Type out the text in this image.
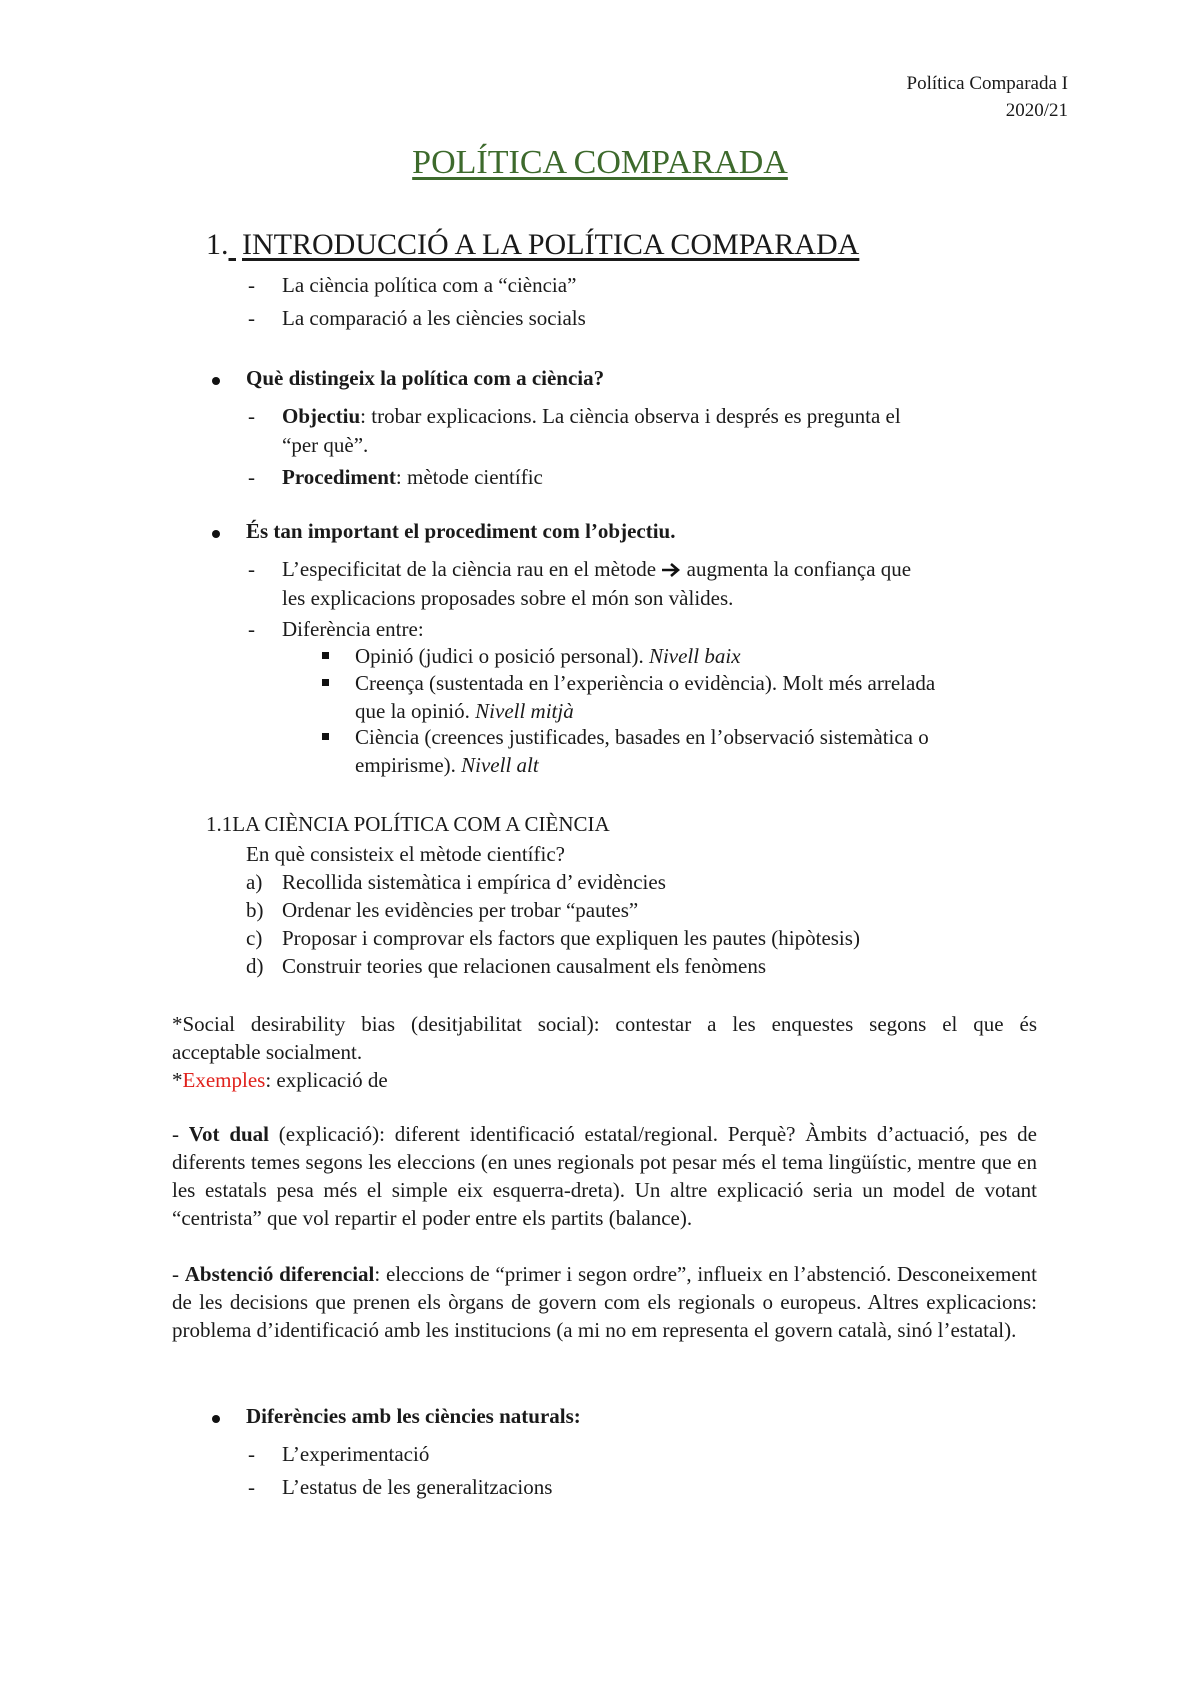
Política Comparada I
2020/21
POLÍTICA COMPARADA
1. INTRODUCCIÓ A LA POLÍTICA COMPARADA
- La ciència política com a “ciència”
- La comparació a les ciències socials
Què distingeix la política com a ciència?
- Objectiu: trobar explicacions. La ciència observa i després es pregunta el
“per què”.
- Procediment: mètode científic
És tan important el procediment com l’objectiu.
- L’especificitat de la ciència rau en el mètode  augmenta la confiança que
les explicacions proposades sobre el món son vàlides.
- Diferència entre:
Opinió (judici o posició personal). Nivell baix
Creença (sustentada en l’experiència o evidència). Molt més arrelada
que la opinió. Nivell mitjà
Ciència (creences justificades, basades en l’observació sistemàtica o
empirisme). Nivell alt
1.1LA CIÈNCIA POLÍTICA COM A CIÈNCIA
En què consisteix el mètode científic?
a) Recollida sistemàtica i empírica d’ evidències
b) Ordenar les evidències per trobar “pautes”
c) Proposar i comprovar els factors que expliquen les pautes (hipòtesis)
d) Construir teories que relacionen causalment els fenòmens
*Social desirability bias (desitjabilitat social): contestar a les enquestes segons el que és
acceptable socialment.
*Exemples: explicació de
- Vot dual (explicació): diferent identificació estatal/regional. Perquè? Àmbits d’actuació, pes de diferents temes segons les eleccions (en unes regionals pot pesar més el tema lingüístic, mentre que en les estatals pesa més el simple eix esquerra-dreta). Un altre explicació seria un model de votant “centrista” que vol repartir el poder entre els partits (balance).
- Abstenció diferencial: eleccions de “primer i segon ordre”, influeix en l’abstenció. Desconeixement de les decisions que prenen els òrgans de govern com els regionals o europeus. Altres explicacions: problema d’identificació amb les institucions (a mi no em representa el govern català, sinó l’estatal).
Diferències amb les ciències naturals:
- L’experimentació
- L’estatus de les generalitzacions
